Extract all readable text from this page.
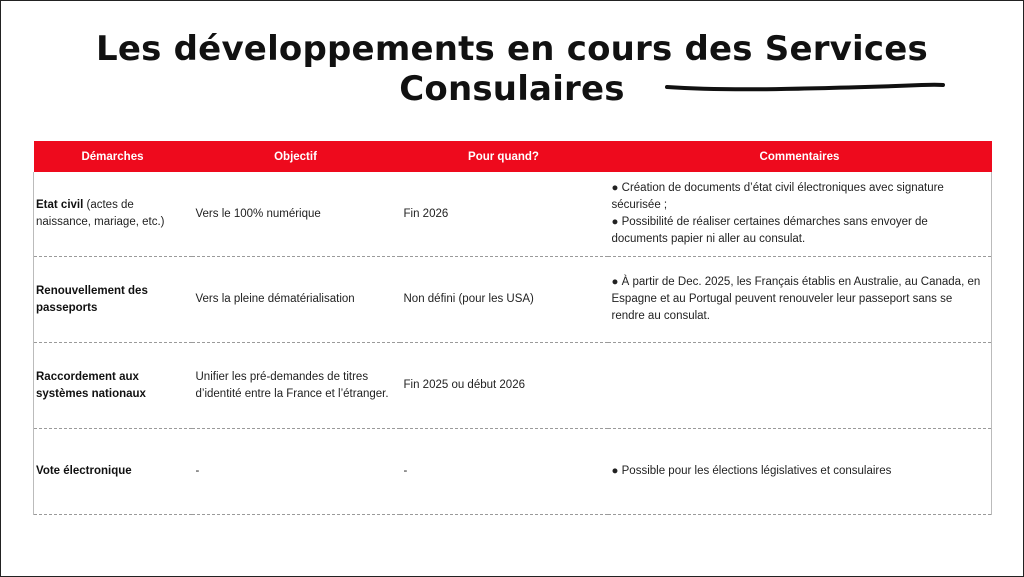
Les développements en cours des Services Consulaires
Démarches	Objectif	Pour quand?	Commentaires
Etat civil (actes de naissance, mariage, etc.)	Vers le 100% numérique	Fin 2026	● Création de documents d’état civil électroniques avec signature sécurisée ;
● Possibilité de réaliser certaines démarches sans envoyer de documents papier ni aller au consulat.

Renouvellement des passeports	Vers la pleine dématérialisation	Non défini (pour les USA)	● À partir de Dec. 2025, les Français établis en Australie, au Canada, en Espagne et au Portugal peuvent renouveler leur passeport sans se rendre au consulat.

Raccordement aux systèmes nationaux	Unifier les pré-demandes de titres d’identité entre la France et l’étranger.	Fin 2025 ou début 2026	

Vote électronique	-	-	● Possible pour les élections législatives et consulaires
